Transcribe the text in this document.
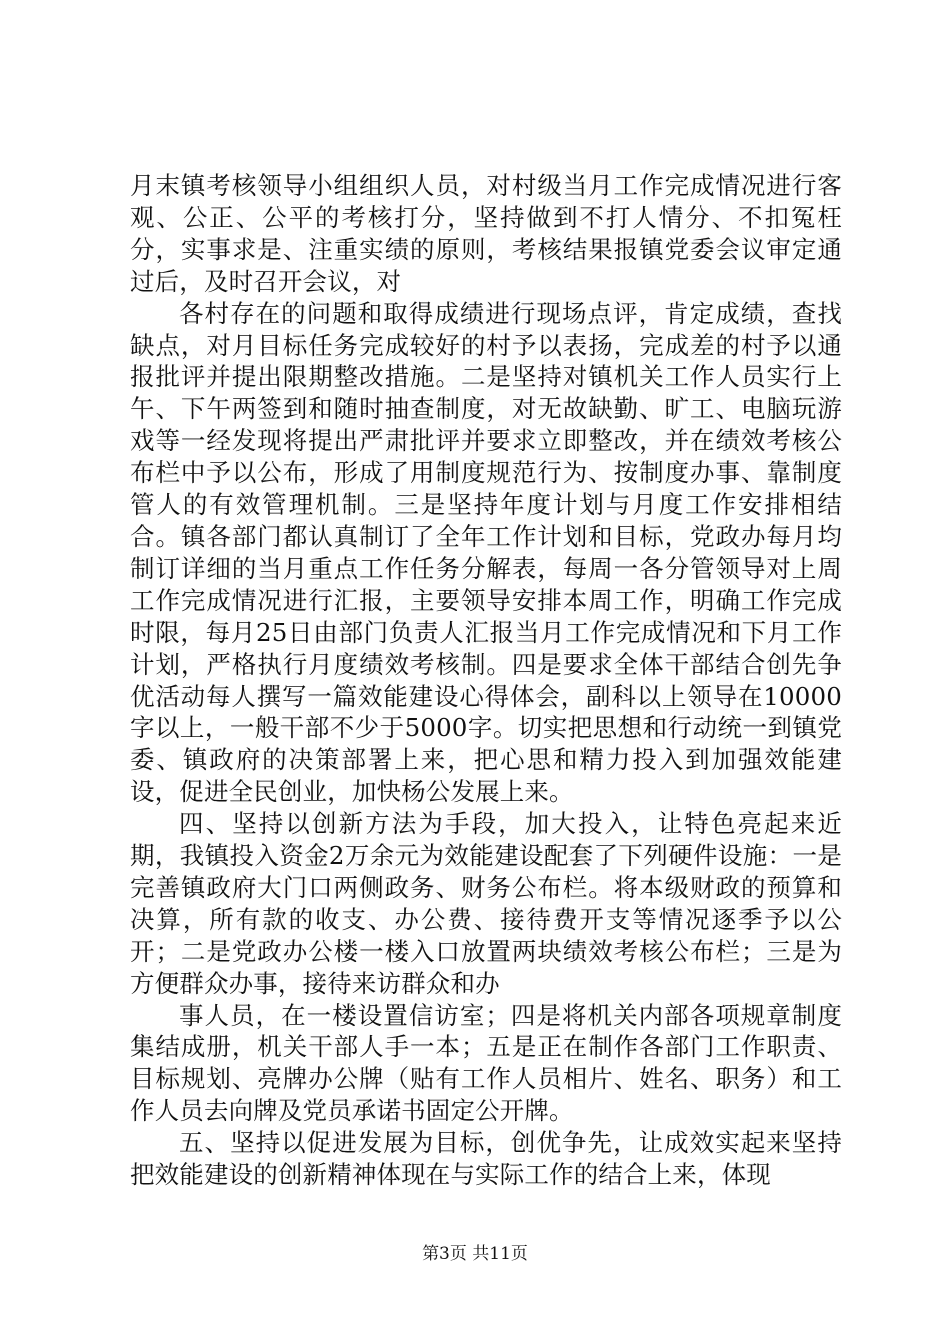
月末镇考核领导小组组织人员，对村级当月工作完成情况进行客观、公正、公平的考核打分，坚持做到不打人情分、不扣冤枉分，实事求是、注重实绩的原则，考核结果报镇党委会议审定通过后，及时召开会议，对

各村存在的问题和取得成绩进行现场点评，肯定成绩，查找缺点，对月目标任务完成较好的村予以表扬，完成差的村予以通报批评并提出限期整改措施。二是坚持对镇机关工作人员实行上午、下午两签到和随时抽查制度，对无故缺勤、旷工、电脑玩游戏等一经发现将提出严肃批评并要求立即整改，并在绩效考核公布栏中予以公布，形成了用制度规范行为、按制度办事、靠制度管人的有效管理机制。三是坚持年度计划与月度工作安排相结合。镇各部门都认真制订了全年工作计划和目标，党政办每月均制订详细的当月重点工作任务分解表，每周一各分管领导对上周工作完成情况进行汇报，主要领导安排本周工作，明确工作完成时限，每月25日由部门负责人汇报当月工作完成情况和下月工作计划，严格执行月度绩效考核制。四是要求全体干部结合创先争优活动每人撰写一篇效能建设心得体会，副科以上领导在10000字以上，一般干部不少于5000字。切实把思想和行动统一到镇党委、镇政府的决策部署上来，把心思和精力投入到加强效能建设，促进全民创业，加快杨公发展上来。

四、坚持以创新方法为手段，加大投入，让特色亮起来近期，我镇投入资金2万余元为效能建设配套了下列硬件设施：一是完善镇政府大门口两侧政务、财务公布栏。将本级财政的预算和决算，所有款的收支、办公费、接待费开支等情况逐季予以公开；二是党政办公楼一楼入口放置两块绩效考核公布栏；三是为方便群众办事，接待来访群众和办

事人员，在一楼设置信访室；四是将机关内部各项规章制度集结成册，机关干部人手一本；五是正在制作各部门工作职责、目标规划、亮牌办公牌（贴有工作人员相片、姓名、职务）和工作人员去向牌及党员承诺书固定公开牌。

五、坚持以促进发展为目标，创优争先，让成效实起来坚持把效能建设的创新精神体现在与实际工作的结合上来，体现

第3页 共11页
